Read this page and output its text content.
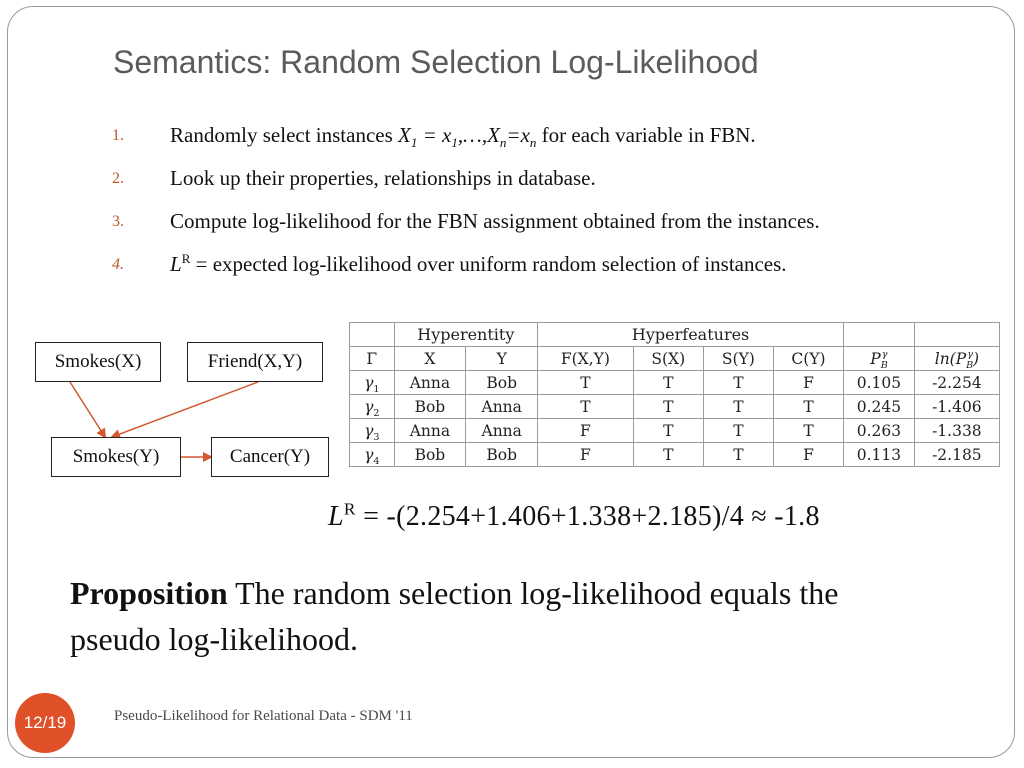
Semantics: Random Selection Log-Likelihood
1.	Randomly select instances $X_1$ = $x_1,\dots,X_n=x_n$ for each variable in FBN.
2.	Look up their properties, relationships in database.
3.	Compute log-likelihood for the FBN assignment obtained from the instances.
4.	$L^R$ = expected log-likelihood over uniform random selection of instances.
Smokes(X)	Friend(X,Y)
Smokes(Y)	Cancer(Y)
	Hyperentity		Hyperfeatures					
Γ	X	Y	F(X,Y)	S(X)	S(Y)	C(Y)	$P_B^\gamma$	$\ln(P_B^\gamma)$
$\gamma_1$	Anna	Bob	T	T	T	F	0.105	-2.254
$\gamma_2$	Bob	Anna	T	T	T	T	0.245	-1.406
$\gamma_3$	Anna	Anna	F	T	T	T	0.263	-1.338
$\gamma_4$	Bob	Bob	F	T	T	F	0.113	-2.185
$L^R = -(2.254+1.406+1.338+2.185)/4 \approx -1.8$
Proposition The random selection log-likelihood equals the pseudo log-likelihood.
12/19	Pseudo-Likelihood for Relational Data - SDM '11
